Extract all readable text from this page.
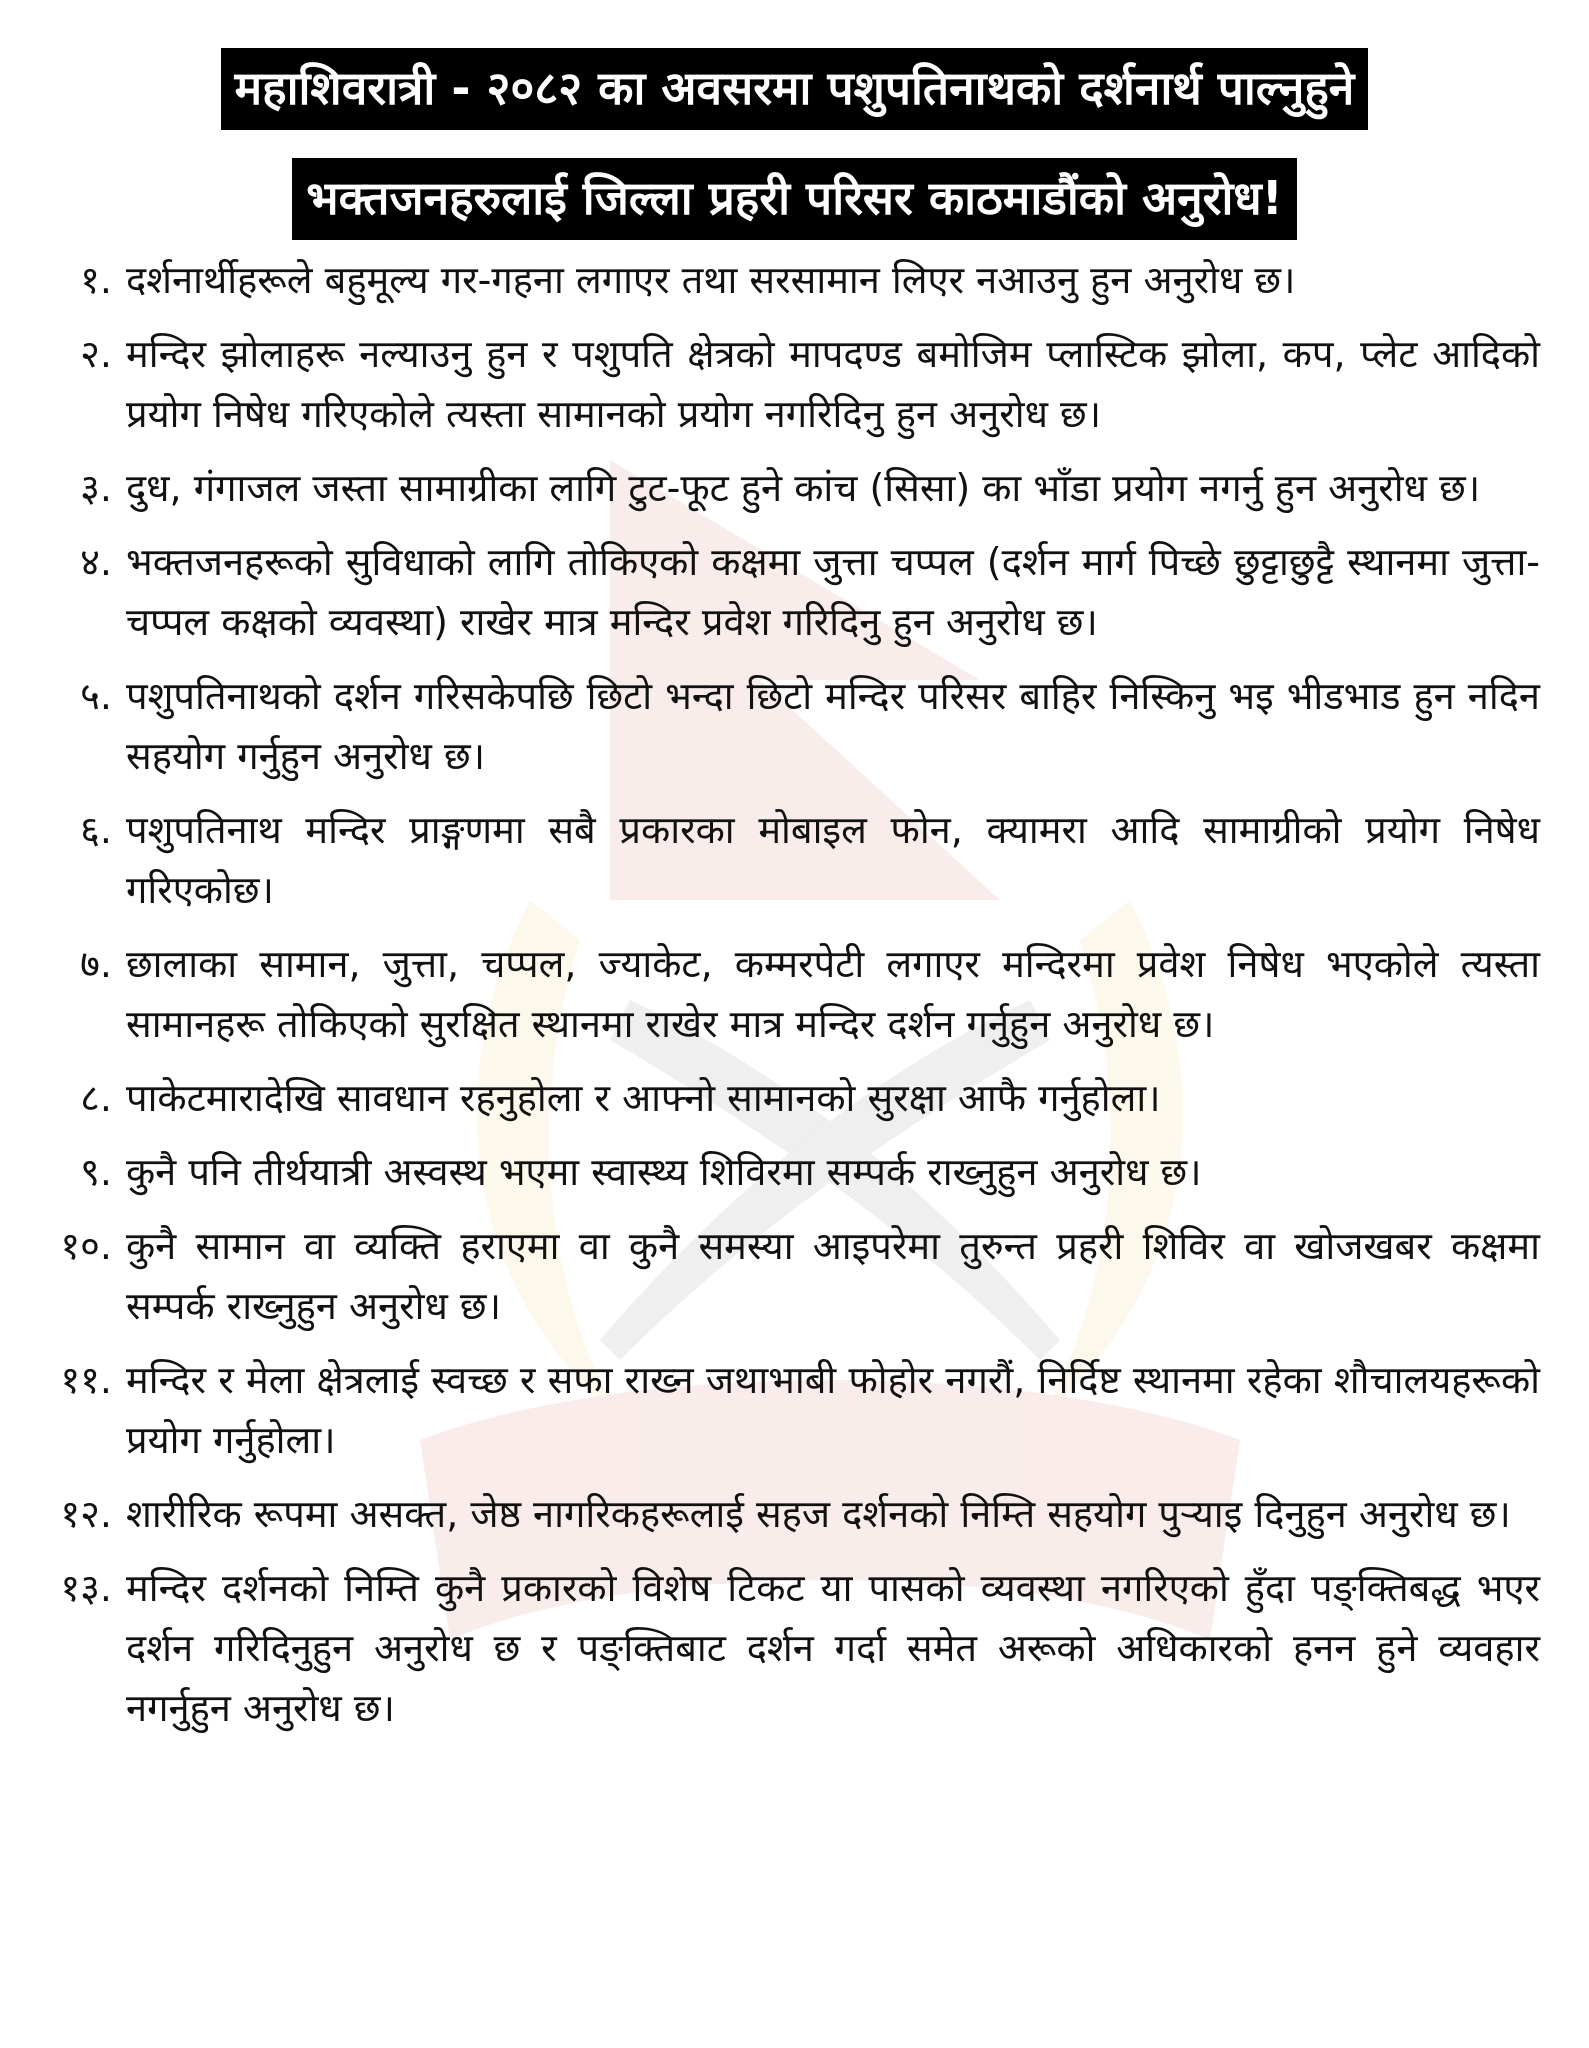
महाशिवरात्री - २०८२ का अवसरमा पशुपतिनाथको दर्शनार्थ पाल्नुहुने
भक्तजनहरुलाई जिल्ला प्रहरी परिसर काठमाडौंको अनुरोध!
१. दर्शनार्थीहरूले बहुमूल्य गर-गहना लगाएर तथा सरसामान लिएर नआउनु हुन अनुरोध छ।
२. मन्दिर झोलाहरू नल्याउनु हुन र पशुपति क्षेत्रको मापदण्ड बमोजिम प्लास्टिक झोला, कप, प्लेट आदिको प्रयोग निषेध गरिएकोले त्यस्ता सामानको प्रयोग नगरिदिनु हुन अनुरोध छ।
३. दुध, गंगाजल जस्ता सामाग्रीका लागि टुट-फूट हुने कांच (सिसा) का भाँडा प्रयोग नगर्नु हुन अनुरोध छ।
४. भक्तजनहरूको सुविधाको लागि तोकिएको कक्षमा जुत्ता चप्पल (दर्शन मार्ग पिच्छे छुट्टाछुट्टै स्थानमा जुत्ता-चप्पल कक्षको व्यवस्था) राखेर मात्र मन्दिर प्रवेश गरिदिनु हुन अनुरोध छ।
५. पशुपतिनाथको दर्शन गरिसकेपछि छिटो भन्दा छिटो मन्दिर परिसर बाहिर निस्किनु भइ भीडभाड हुन नदिन सहयोग गर्नुहुन अनुरोध छ।
६. पशुपतिनाथ मन्दिर प्राङ्गणमा सबै प्रकारका मोबाइल फोन, क्यामरा आदि सामाग्रीको प्रयोग निषेध गरिएकोछ।
७. छालाका सामान, जुत्ता, चप्पल, ज्याकेट, कम्मरपेटी लगाएर मन्दिरमा प्रवेश निषेध भएकोले त्यस्ता सामानहरू तोकिएको सुरक्षित स्थानमा राखेर मात्र मन्दिर दर्शन गर्नुहुन अनुरोध छ।
८. पाकेटमारादेखि सावधान रहनुहोला र आफ्नो सामानको सुरक्षा आफै गर्नुहोला।
९. कुनै पनि तीर्थयात्री अस्वस्थ भएमा स्वास्थ्य शिविरमा सम्पर्क राख्नुहुन अनुरोध छ।
१०. कुनै सामान वा व्यक्ति हराएमा वा कुनै समस्या आइपरेमा तुरुन्त प्रहरी शिविर वा खोजखबर कक्षमा सम्पर्क राख्नुहुन अनुरोध छ।
११. मन्दिर र मेला क्षेत्रलाई स्वच्छ र सफा राख्न जथाभाबी फोहोर नगरौं, निर्दिष्ट स्थानमा रहेका शौचालयहरूको प्रयोग गर्नुहोला।
१२. शारीरिक रूपमा असक्त, जेष्ठ नागरिकहरूलाई सहज दर्शनको निम्ति सहयोग पुऱ्याइ दिनुहुन अनुरोध छ।
१३. मन्दिर दर्शनको निम्ति कुनै प्रकारको विशेष टिकट या पासको व्यवस्था नगरिएको हुँदा पङ्क्तिबद्ध भएर दर्शन गरिदिनुहुन अनुरोध छ र पङ्क्तिबाट दर्शन गर्दा समेत अरूको अधिकारको हनन हुने व्यवहार नगर्नुहुन अनुरोध छ।
